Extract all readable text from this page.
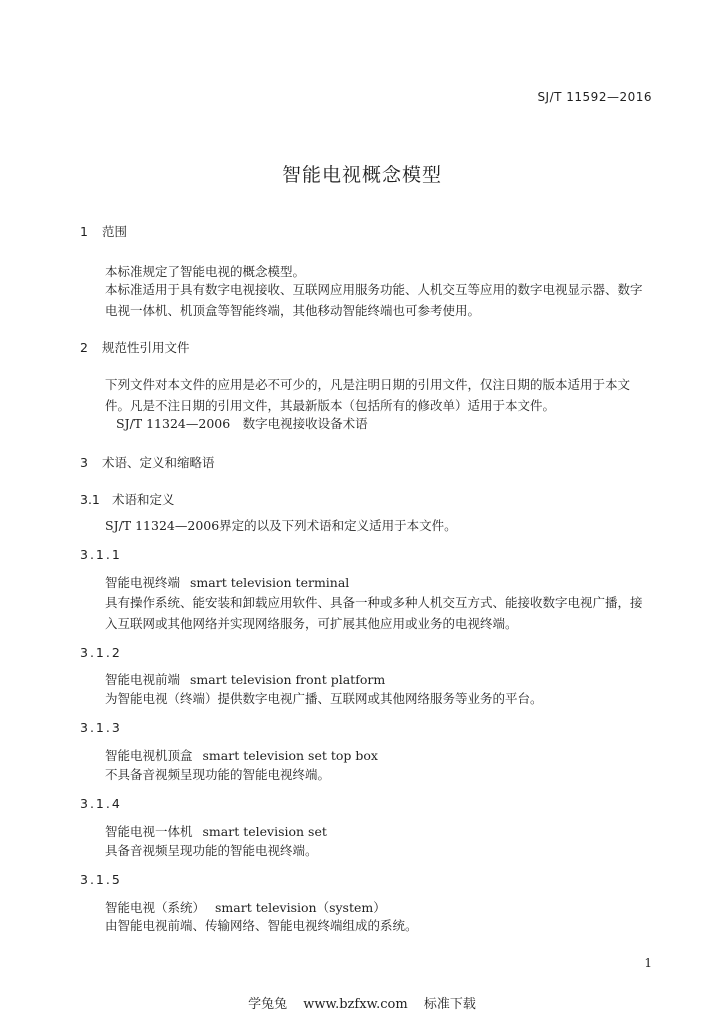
SJ/T 11592—2016
智能电视概念模型
1 范围
本标准规定了智能电视的概念模型。
本标准适用于具有数字电视接收、互联网应用服务功能、人机交互等应用的数字电视显示器、数字电视一体机、机顶盒等智能终端，其他移动智能终端也可参考使用。
2 规范性引用文件
下列文件对本文件的应用是必不可少的，凡是注明日期的引用文件，仅注日期的版本适用于本文件。凡是不注日期的引用文件，其最新版本（包括所有的修改单）适用于本文件。
SJ/T 11324—2006　数字电视接收设备术语
3 术语、定义和缩略语
3.1 术语和定义
SJ/T 11324—2006界定的以及下列术语和定义适用于本文件。
3.1.1
智能电视终端 smart television terminal
具有操作系统、能安装和卸载应用软件、具备一种或多种人机交互方式、能接收数字电视广播，接入互联网或其他网络并实现网络服务，可扩展其他应用或业务的电视终端。
3.1.2
智能电视前端 smart television front platform
为智能电视（终端）提供数字电视广播、互联网或其他网络服务等业务的平台。
3.1.3
智能电视机顶盒 smart television set top box
不具备音视频呈现功能的智能电视终端。
3.1.4
智能电视一体机 smart television set
具备音视频呈现功能的智能电视终端。
3.1.5
智能电视（系统） smart television（system）
由智能电视前端、传输网络、智能电视终端组成的系统。
1
学兔兔 www.bzfxw.com 标准下载
